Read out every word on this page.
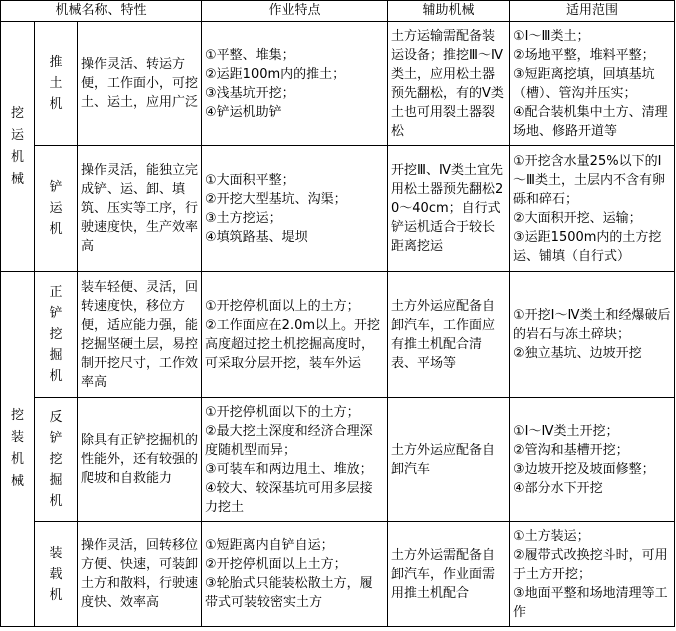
机械名称、特性			作业特点	辅助机械	适用范围
挖运机械	推土机	操作灵活、转运方便，工作面小，可挖土、运土，应用广泛	①平整、堆集；
②运距100m内的推土；
③浅基坑开挖；
④铲运机助铲	土方运输需配备装运设备；推挖Ⅲ～Ⅳ类土，应用松土器预先翻松，有的Ⅴ类土也可用裂土器裂松	①Ⅰ～Ⅲ类土；
②场地平整，堆料平整；
③短距离挖填，回填基坑（槽）、管沟并压实；
④配合装机集中土方、清理场地、修路开道等
	铲运机	操作灵活，能独立完成铲、运、卸、填筑、压实等工序，行驶速度快，生产效率高	①大面积平整；
②开挖大型基坑、沟渠；
③土方挖运；
④填筑路基、堤坝	开挖Ⅲ、Ⅳ类土宜先用松土器预先翻松20～40cm；自行式铲运机适合于较长距离挖运	①开挖含水量25%以下的Ⅰ～Ⅲ类土，土层内不含有卵砾和碎石；
②大面积开挖、运输；
③运距1500m内的土方挖运、铺填（自行式）
挖装机械	正铲挖掘机	装车轻便、灵活，回转速度快，移位方便，适应能力强，能挖掘坚硬土层，易控制开挖尺寸，工作效率高	①开挖停机面以上的土方；
②工作面应在2.0m以上。开挖高度超过挖土机挖掘高度时，可采取分层开挖，装车外运	土方外运应配备自卸汽车，工作面应有推土机配合清表、平场等	①开挖Ⅰ～Ⅳ类土和经爆破后的岩石与冻土碎块；
②独立基坑、边坡开挖
	反铲挖掘机	除具有正铲挖掘机的性能外，还有较强的爬坡和自救能力	①开挖停机面以下的土方；
②最大挖土深度和经济合理深度随机型而异；
③可装车和两边甩土、堆放；
④较大、较深基坑可用多层接力挖土	土方外运应配备自卸汽车	①Ⅰ～Ⅳ类土开挖；
②管沟和基槽开挖；
③边坡开挖及坡面修整；
④部分水下开挖
	装载机	操作灵活，回转移位方便、快速，可装卸土方和散料，行驶速度快、效率高	①短距离内自铲自运；
②开挖停机面以上土方；
③轮胎式只能装松散土方，履带式可装较密实土方	土方外运需配备自卸汽车，作业面需用推土机配合	①土方装运；
②履带式改换挖斗时，可用于土方开挖；
③地面平整和场地清理等工作
